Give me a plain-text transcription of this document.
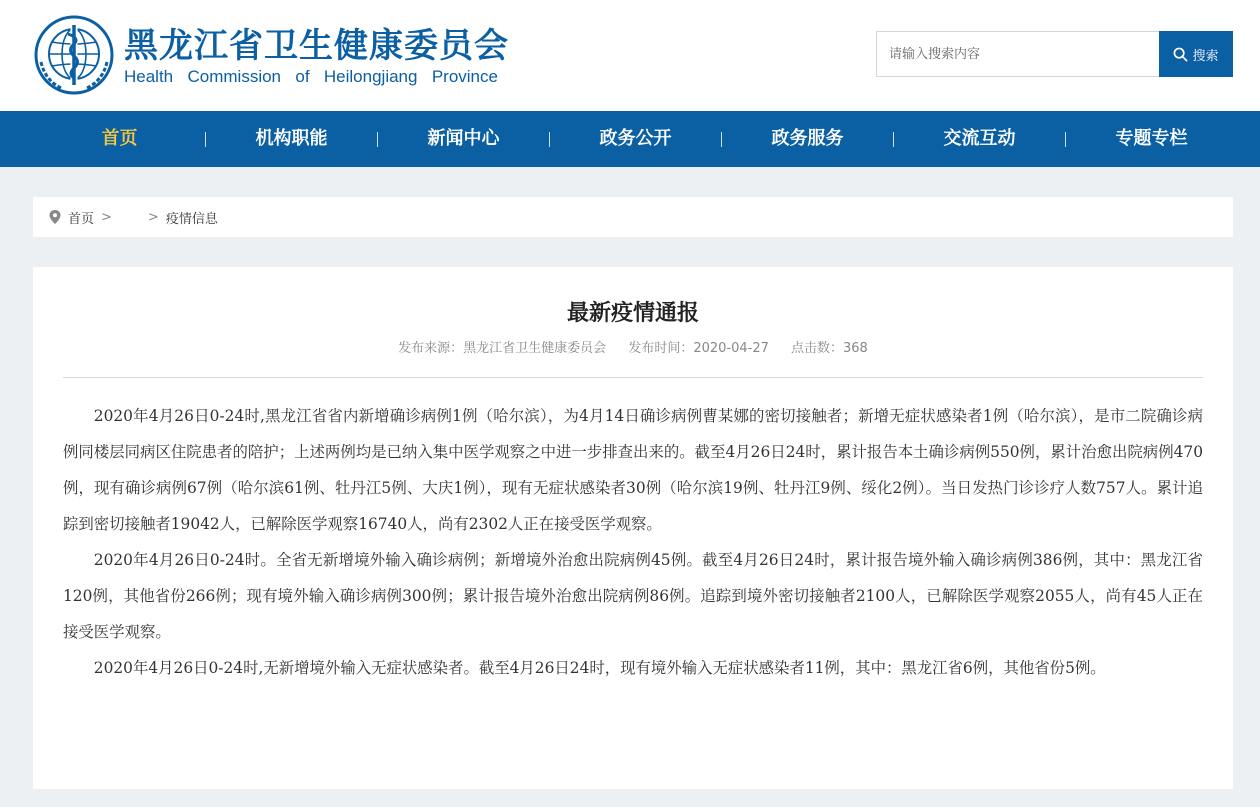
黑龙江省卫生健康委员会
Health Commission of Heilongjiang Province
请输入搜索内容
搜索
首页	机构职能	新闻中心	政务公开	政务服务	交流互动	专题专栏
首页 >	> 疫情信息
最新疫情通报
发布来源：黑龙江省卫生健康委员会 发布时间：2020-04-27 点击数：368

2020年4月26日0-24时,黑龙江省省内新增确诊病例1例（哈尔滨），为4月14日确诊病例曹某娜的密切接触者；新增无症状感染者1例（哈尔滨），是市二院确诊病例同楼层同病区住院患者的陪护；上述两例均是已纳入集中医学观察之中进一步排查出来的。截至4月26日24时，累计报告本土确诊病例550例，累计治愈出院病例470例，现有确诊病例67例（哈尔滨61例、牡丹江5例、大庆1例），现有无症状感染者30例（哈尔滨19例、牡丹江9例、绥化2例）。当日发热门诊诊疗人数757人。累计追踪到密切接触者19042人，已解除医学观察16740人，尚有2302人正在接受医学观察。

2020年4月26日0-24时。全省无新增境外输入确诊病例；新增境外治愈出院病例45例。截至4月26日24时，累计报告境外输入确诊病例386例，其中：黑龙江省120例，其他省份266例；现有境外输入确诊病例300例；累计报告境外治愈出院病例86例。追踪到境外密切接触者2100人，已解除医学观察2055人，尚有45人正在接受医学观察。

2020年4月26日0-24时,无新增境外输入无症状感染者。截至4月26日24时，现有境外输入无症状感染者11例，其中：黑龙江省6例，其他省份5例。
